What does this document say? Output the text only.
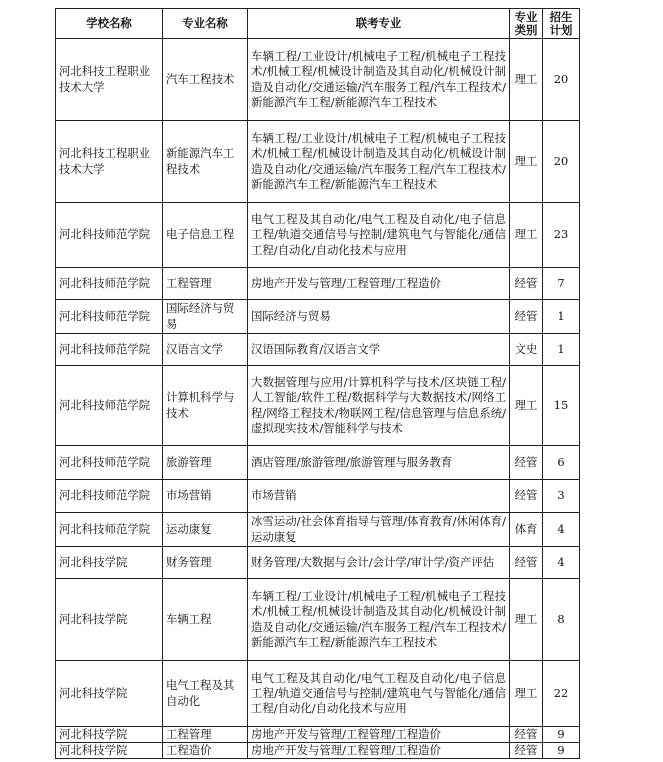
学校名称	专业名称	联考专业	专业类别	招生计划
河北科技工程职业技术大学	汽车工程技术	车辆工程/工业设计/机械电子工程/机械电子工程技术/机械工程/机械设计制造及其自动化/机械设计制造及自动化/交通运输/汽车服务工程/汽车工程技术/新能源汽车工程/新能源汽车工程技术	理工	20
河北科技工程职业技术大学	新能源汽车工程技术	车辆工程/工业设计/机械电子工程/机械电子工程技术/机械工程/机械设计制造及其自动化/机械设计制造及自动化/交通运输/汽车服务工程/汽车工程技术/新能源汽车工程/新能源汽车工程技术	理工	20
河北科技师范学院	电子信息工程	电气工程及其自动化/电气工程及自动化/电子信息工程/轨道交通信号与控制/建筑电气与智能化/通信工程/自动化/自动化技术与应用	理工	23
河北科技师范学院	工程管理	房地产开发与管理/工程管理/工程造价	经管	7
河北科技师范学院	国际经济与贸易	国际经济与贸易	经管	1
河北科技师范学院	汉语言文学	汉语国际教育/汉语言文学	文史	1
河北科技师范学院	计算机科学与技术	大数据管理与应用/计算机科学与技术/区块链工程/人工智能/软件工程/数据科学与大数据技术/网络工程/网络工程技术/物联网工程/信息管理与信息系统/虚拟现实技术/智能科学与技术	理工	15
河北科技师范学院	旅游管理	酒店管理/旅游管理/旅游管理与服务教育	经管	6
河北科技师范学院	市场营销	市场营销	经管	3
河北科技师范学院	运动康复	冰雪运动/社会体育指导与管理/体育教育/休闲体育/运动康复	体育	4
河北科技学院	财务管理	财务管理/大数据与会计/会计学/审计学/资产评估	经管	4
河北科技学院	车辆工程	车辆工程/工业设计/机械电子工程/机械电子工程技术/机械工程/机械设计制造及其自动化/机械设计制造及自动化/交通运输/汽车服务工程/汽车工程技术/新能源汽车工程/新能源汽车工程技术	理工	8
河北科技学院	电气工程及其自动化	电气工程及其自动化/电气工程及自动化/电子信息工程/轨道交通信号与控制/建筑电气与智能化/通信工程/自动化/自动化技术与应用	理工	22
河北科技学院	工程管理	房地产开发与管理/工程管理/工程造价	经管	9
河北科技学院	工程造价	房地产开发与管理/工程管理/工程造价	经管	9
